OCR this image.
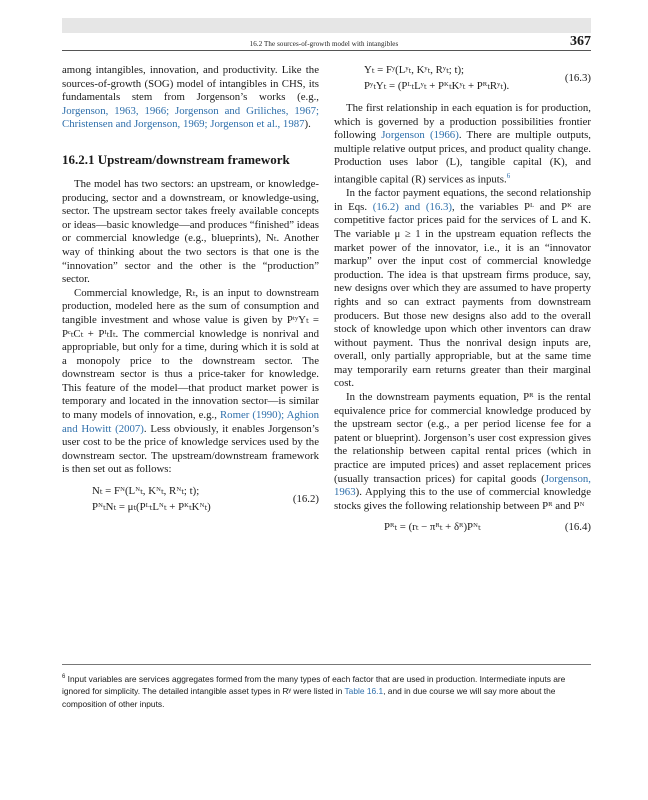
16.2 The sources-of-growth model with intangibles	367

among intangibles, innovation, and productivity. Like the sources-of-growth (SOG) model of intangibles in CHS, its fundamentals stem from Jorgenson’s works (e.g., Jorgenson, 1963, 1966; Jorgenson and Griliches, 1967; Christensen and Jorgenson, 1969; Jorgenson et al., 1987).

16.2.1 Upstream/downstream framework

The model has two sectors: an upstream, or knowledge-producing, sector and a downstream, or knowledge-using, sector. The upstream sector takes freely available concepts or ideas—basic knowledge—and produces “finished” ideas or commercial knowledge (e.g., blueprints), Nₜ. Another way of thinking about the two sectors is that one is the “innovation” sector and the other is the “production” sector.

Commercial knowledge, Rₜ, is an input to downstream production, modeled here as the sum of consumption and tangible investment and whose value is given by PᵗʸYₜ = PᶜₜCₜ + PᴵₜIₜ. The commercial knowledge is nonrival and appropriable, but only for a time, during which it is sold at a monopoly price to the downstream sector. The downstream sector is thus a price-taker for knowledge. This feature of the model—that product market power is temporary and located in the innovation sector—is similar to many models of innovation, e.g., Romer (1990); Aghion and Howitt (2007). Less obviously, it enables Jorgenson’s user cost to be the price of knowledge services used by the downstream sector. The upstream/downstream framework is then set out as follows:

Nₜ = Fᴺ(Lᴺₜ, Kᴺₜ, Rᴺₜ; t);
PᴺₜNₜ = μₜ(PᴸₜLᴺₜ + PᴷₜKᴺₜ)
(16.2)
Yₜ = Fʸ(Lʸₜ, Kʸₜ, Rʸₜ; t);
PʸₜYₜ = (PᴸₜLʸₜ + PᴷₜKʸₜ + PᴿₜRʸₜ).
(16.3)

The first relationship in each equation is for production, which is governed by a production possibilities frontier following Jorgenson (1966). There are multiple outputs, multiple relative output prices, and product quality change. Production uses labor (L), tangible capital (K), and intangible capital (R) services as inputs.$^6$

In the factor payment equations, the second relationship in Eqs. (16.2) and (16.3), the variables Pᴸ and Pᴷ are competitive factor prices paid for the services of L and K. The variable μ ≥ 1 in the upstream equation reflects the market power of the innovator, i.e., it is an “innovator markup” over the input cost of commercial knowledge production. The idea is that upstream firms produce, say, new designs over which they are assumed to have property rights and so can extract payments from downstream producers. But those new designs also add to the overall stock of knowledge upon which other inventors can draw without payment. Thus the nonrival design inputs are, overall, only partially appropriable, but at the same time may temporarily earn returns greater than their marginal cost.

In the downstream payments equation, Pᴿ is the rental equivalence price for commercial knowledge produced by the upstream sector (e.g., a per period license fee for a patent or blueprint). Jorgenson’s user cost expression gives the relationship between capital rental prices (which in practice are imputed prices) and asset replacement prices (usually transaction prices) for capital goods (Jorgenson, 1963). Applying this to the use of commercial knowledge stocks gives the following relationship between Pᴿ and Pᴺ

Pᴿₜ = (rₜ − πᴿₜ + δᴿ)Pᴺₜ	(16.4)
$^6$ Input variables are services aggregates formed from the many types of each factor that are used in production. Intermediate inputs are ignored for simplicity. The detailed intangible asset types in Rʸ were listed in Table 16.1, and in due course we will say more about the composition of other inputs.
